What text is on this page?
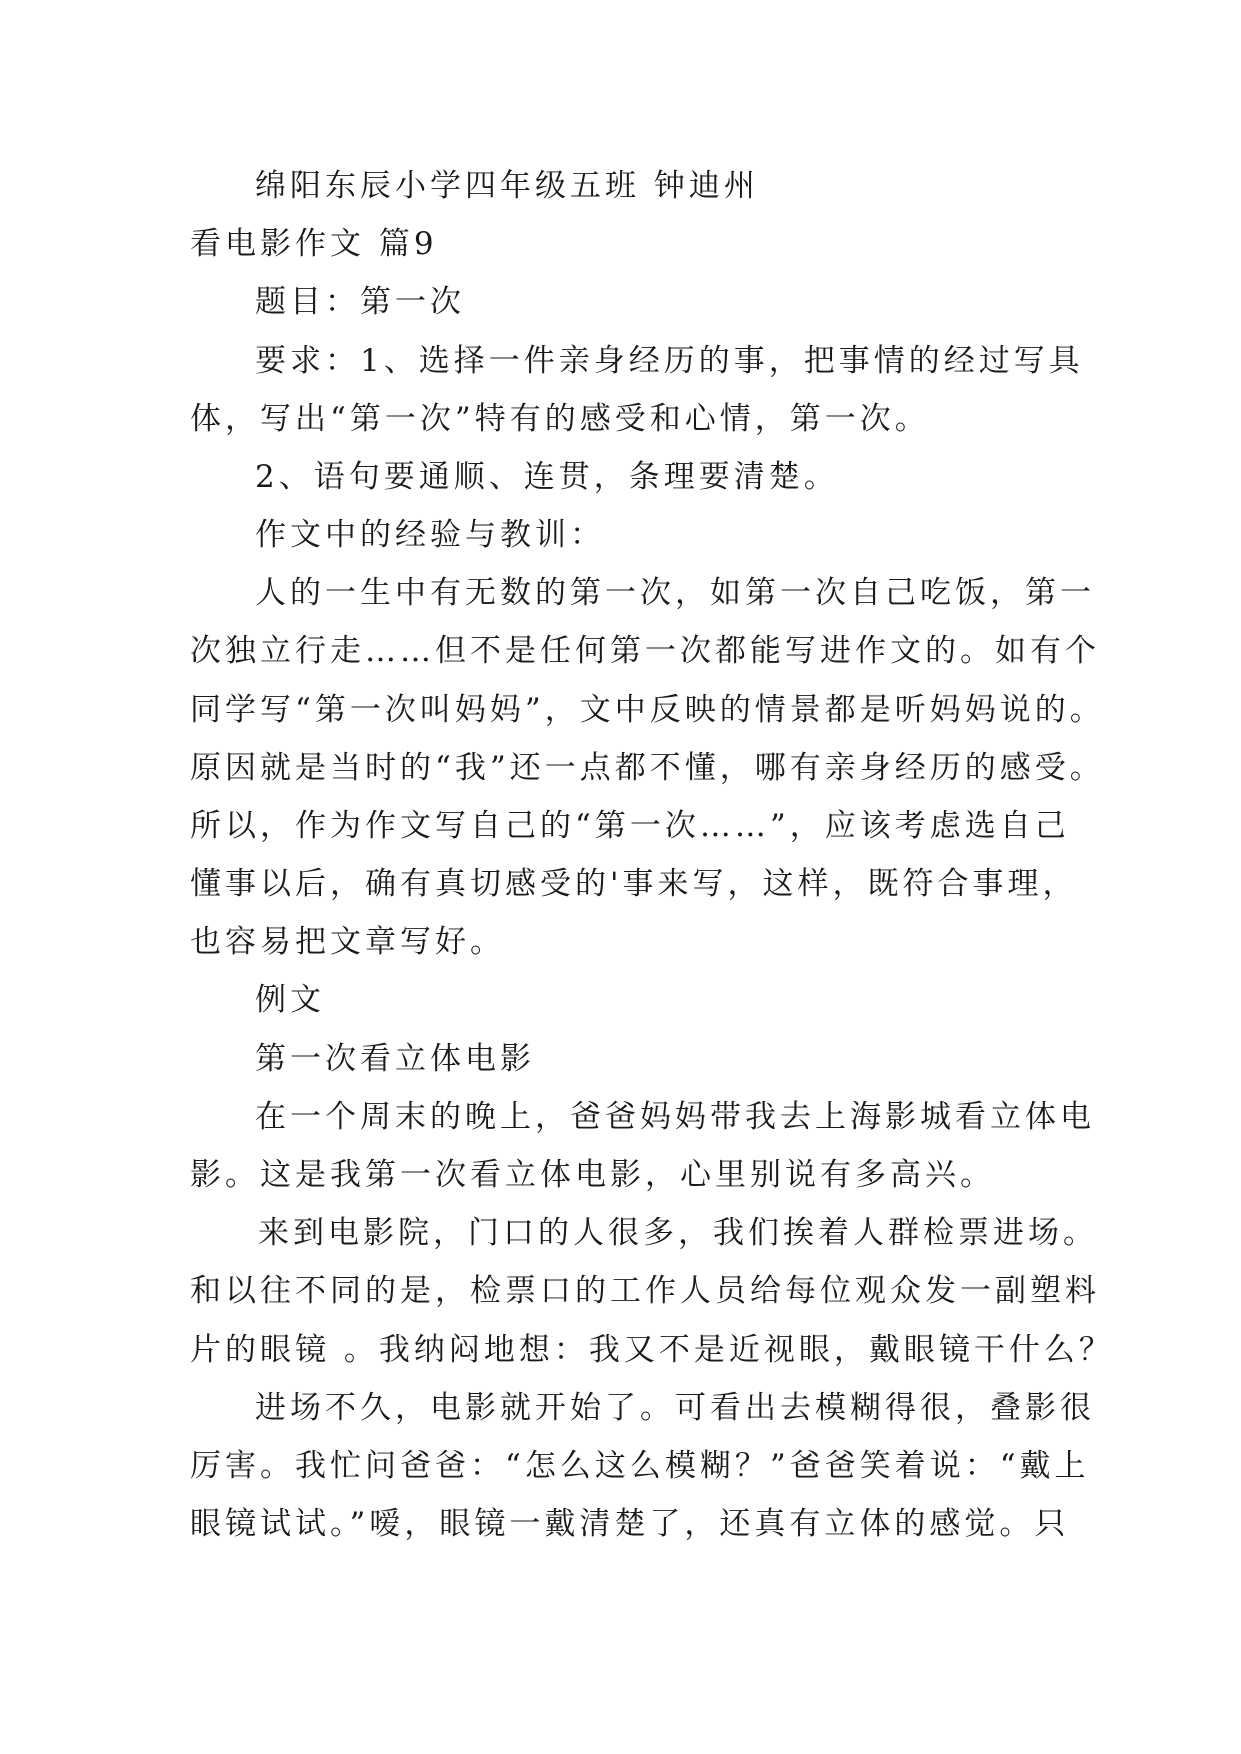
绵阳东辰小学四年级五班 钟迪州

看电影作文 篇9

题目：第一次

要求：1、选择一件亲身经历的事，把事情的经过写具

体，写出“第一次”特有的感受和心情，第一次。

2、语句要通顺、连贯，条理要清楚。

作文中的经验与教训：

人的一生中有无数的第一次，如第一次自己吃饭，第一

次独立行走……但不是任何第一次都能写进作文的。如有个

同学写“第一次叫妈妈”，文中反映的情景都是听妈妈说的。

原因就是当时的“我”还一点都不懂，哪有亲身经历的感受。

所以，作为作文写自己的“第一次……”，应该考虑选自己

懂事以后，确有真切感受的'事来写，这样，既符合事理，

也容易把文章写好。

例文

第一次看立体电影

在一个周末的晚上，爸爸妈妈带我去上海影城看立体电

影。这是我第一次看立体电影，心里别说有多高兴。

来到电影院，门口的人很多，我们挨着人群检票进场。

和以往不同的是，检票口的工作人员给每位观众发一副塑料

片的眼镜 。我纳闷地想：我又不是近视眼，戴眼镜干什么？

进场不久，电影就开始了。可看出去模糊得很，叠影很

厉害。我忙问爸爸：“怎么这么模糊？”爸爸笑着说：“戴上

眼镜试试。”嗳，眼镜一戴清楚了，还真有立体的感觉。只
